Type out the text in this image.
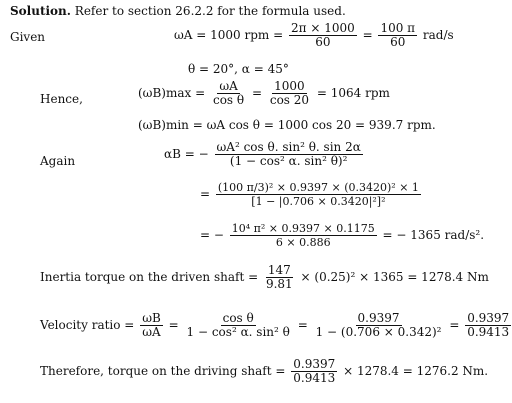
Solution. Refer to section 26.2.2 for the formula used.
Given	ωA = 1000 rpm = $\frac{2\pi \times 1000}{60} = \frac{100 \pi}{60} rad/s$
θ = 20°, α = 45°
Hence,	$(\omega B)\max = \frac{\omega A}{\text{cos θ}} = \frac{1000}{\cos 20} = 1064$ rpm
(ωB)min = ωA cos θ = 1000 cos 20 = 939.7 rpm.
Again	αB = − $\frac{\text{ωA² cos θ. sin² θ. sin 2α}}{\text{(1 − cos² α. sin² θ)²}}$
= $\frac{\text{(100 π/3)² × 0.9397 × (0.3420)² × 1}}{\text{[1 − |0.706 × 0.3420|²]²}}$
= − $\frac{\text{10⁴ π² × 0.9397 × 0.1175}}{6 \times 0.886}$ = − 1365 rad/s².
Inertia torque on the driven shaft = $\frac{147}{9.81} \times (0.25)^2 \times 1365 = 1278.4$ Nm
Velocity ratio = $\frac{\omega B}{\omega A} = \frac{\text{cos θ}}{\text{1 − cos² α. sin² θ}} = \frac{0.9397}{\text{1 − (0.706 × 0.342)²}} = \frac{0.9397}{0.9413}$
Therefore, torque on the driving shaft = $\frac{0.9397}{0.9413} \times 1278.4 = 1276.2$ Nm.
